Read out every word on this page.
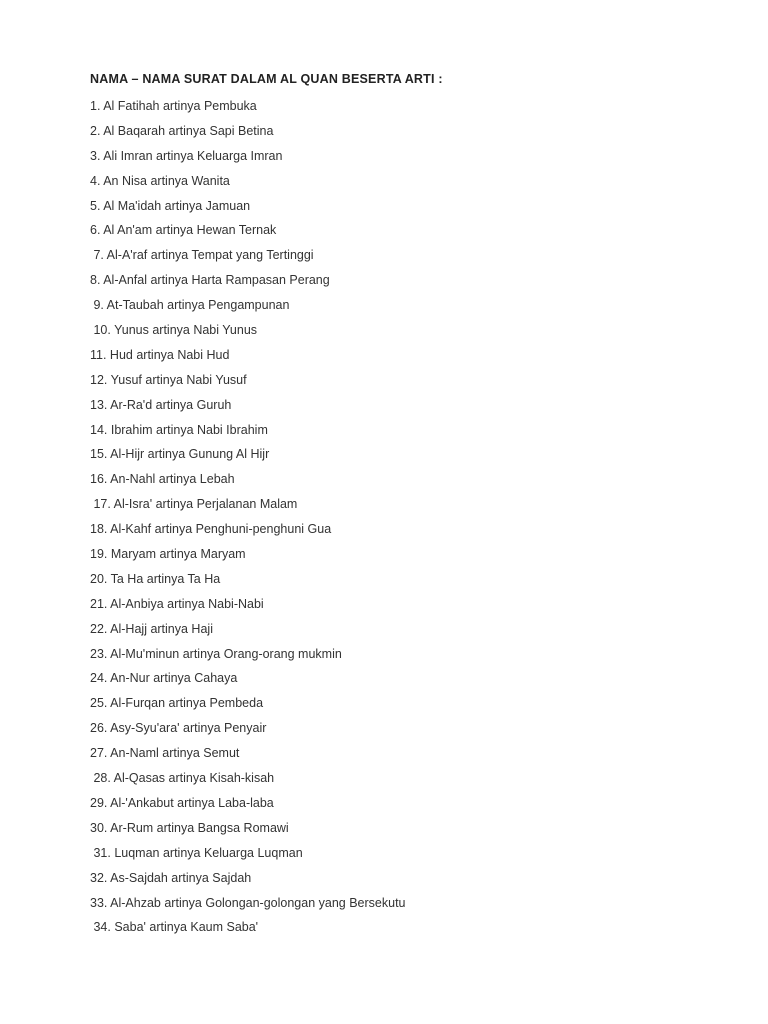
NAMA – NAMA SURAT DALAM AL QUAN BESERTA ARTI :
1. Al Fatihah artinya Pembuka
2. Al Baqarah artinya Sapi Betina
3. Ali Imran artinya Keluarga Imran
4. An Nisa artinya Wanita
5. Al Ma'idah artinya Jamuan
6. Al An'am artinya Hewan Ternak
7. Al-A'raf artinya Tempat yang Tertinggi
8. Al-Anfal artinya Harta Rampasan Perang
9. At-Taubah artinya Pengampunan
10. Yunus artinya Nabi Yunus
11. Hud artinya Nabi Hud
12. Yusuf artinya Nabi Yusuf
13. Ar-Ra'd artinya Guruh
14. Ibrahim artinya Nabi Ibrahim
15. Al-Hijr artinya Gunung Al Hijr
16. An-Nahl artinya Lebah
17. Al-Isra' artinya Perjalanan Malam
18. Al-Kahf artinya Penghuni-penghuni Gua
19. Maryam artinya Maryam
20. Ta Ha artinya Ta Ha
21. Al-Anbiya artinya Nabi-Nabi
22. Al-Hajj artinya Haji
23. Al-Mu'minun artinya Orang-orang mukmin
24. An-Nur artinya Cahaya
25. Al-Furqan artinya Pembeda
26. Asy-Syu'ara' artinya Penyair
27. An-Naml artinya Semut
28. Al-Qasas artinya Kisah-kisah
29. Al-'Ankabut artinya Laba-laba
30. Ar-Rum artinya Bangsa Romawi
31. Luqman artinya Keluarga Luqman
32. As-Sajdah artinya Sajdah
33. Al-Ahzab artinya Golongan-golongan yang Bersekutu
34. Saba' artinya Kaum Saba'
